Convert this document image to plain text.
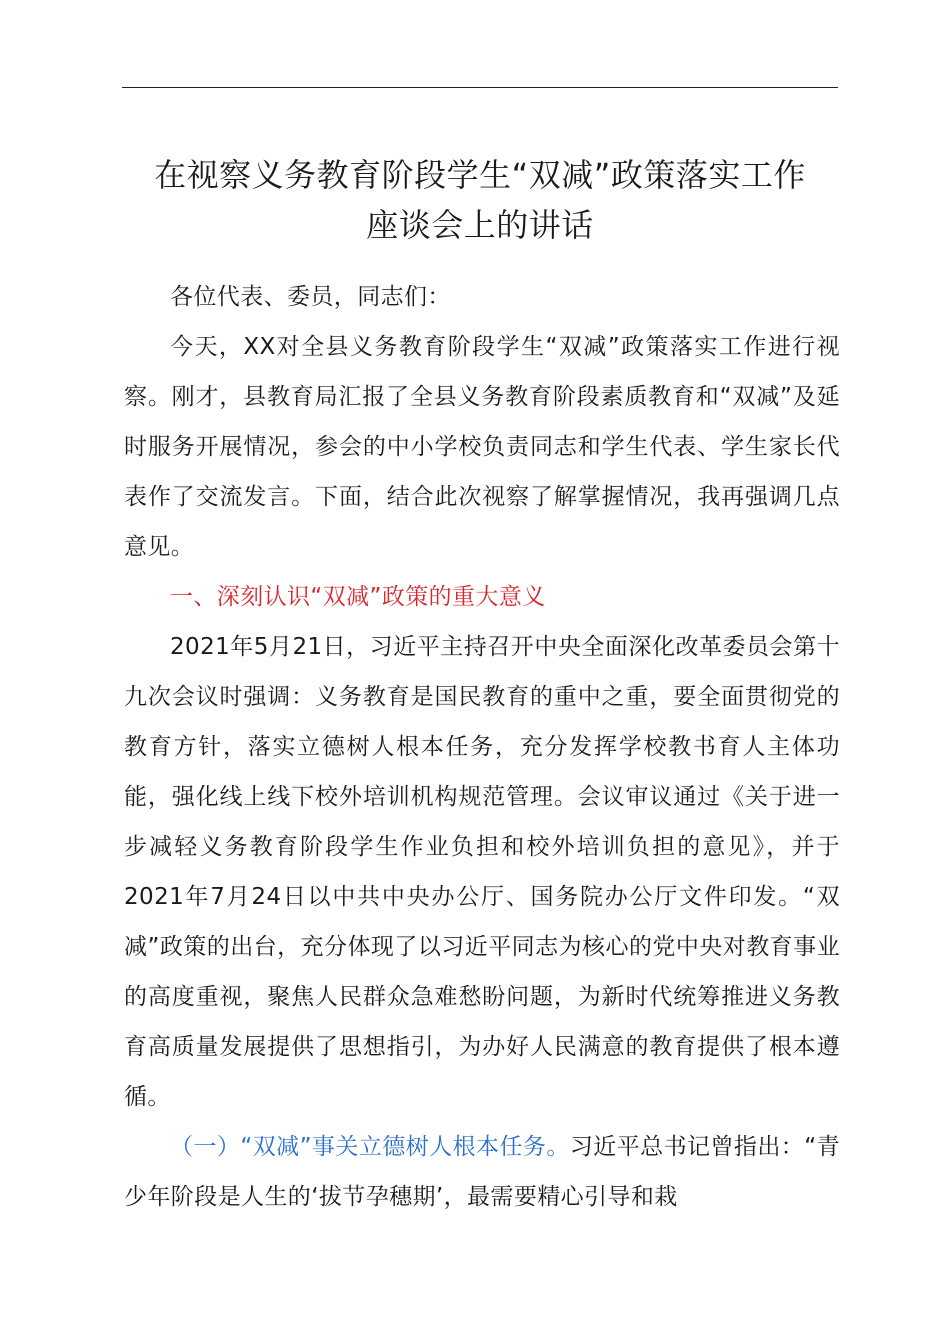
在视察义务教育阶段学生“双减”政策落实工作
座谈会上的讲话

各位代表、委员，同志们：

今天，XX对全县义务教育阶段学生“双减”政策落实工作进行视察。刚才，县教育局汇报了全县义务教育阶段素质教育和“双减”及延时服务开展情况，参会的中小学校负责同志和学生代表、学生家长代表作了交流发言。下面，结合此次视察了解掌握情况，我再强调几点意见。

一、深刻认识“双减”政策的重大意义

2021年5月21日，习近平主持召开中央全面深化改革委员会第十九次会议时强调：义务教育是国民教育的重中之重，要全面贯彻党的教育方针，落实立德树人根本任务，充分发挥学校教书育人主体功能，强化线上线下校外培训机构规范管理。会议审议通过《关于进一步减轻义务教育阶段学生作业负担和校外培训负担的意见》，并于2021年7月24日以中共中央办公厅、国务院办公厅文件印发。“双减”政策的出台，充分体现了以习近平同志为核心的党中央对教育事业的高度重视，聚焦人民群众急难愁盼问题，为新时代统筹推进义务教育高质量发展提供了思想指引，为办好人民满意的教育提供了根本遵循。

（一）“双减”事关立德树人根本任务。习近平总书记曾指出：“青少年阶段是人生的‘拔节孕穗期’，最需要精心引导和栽
